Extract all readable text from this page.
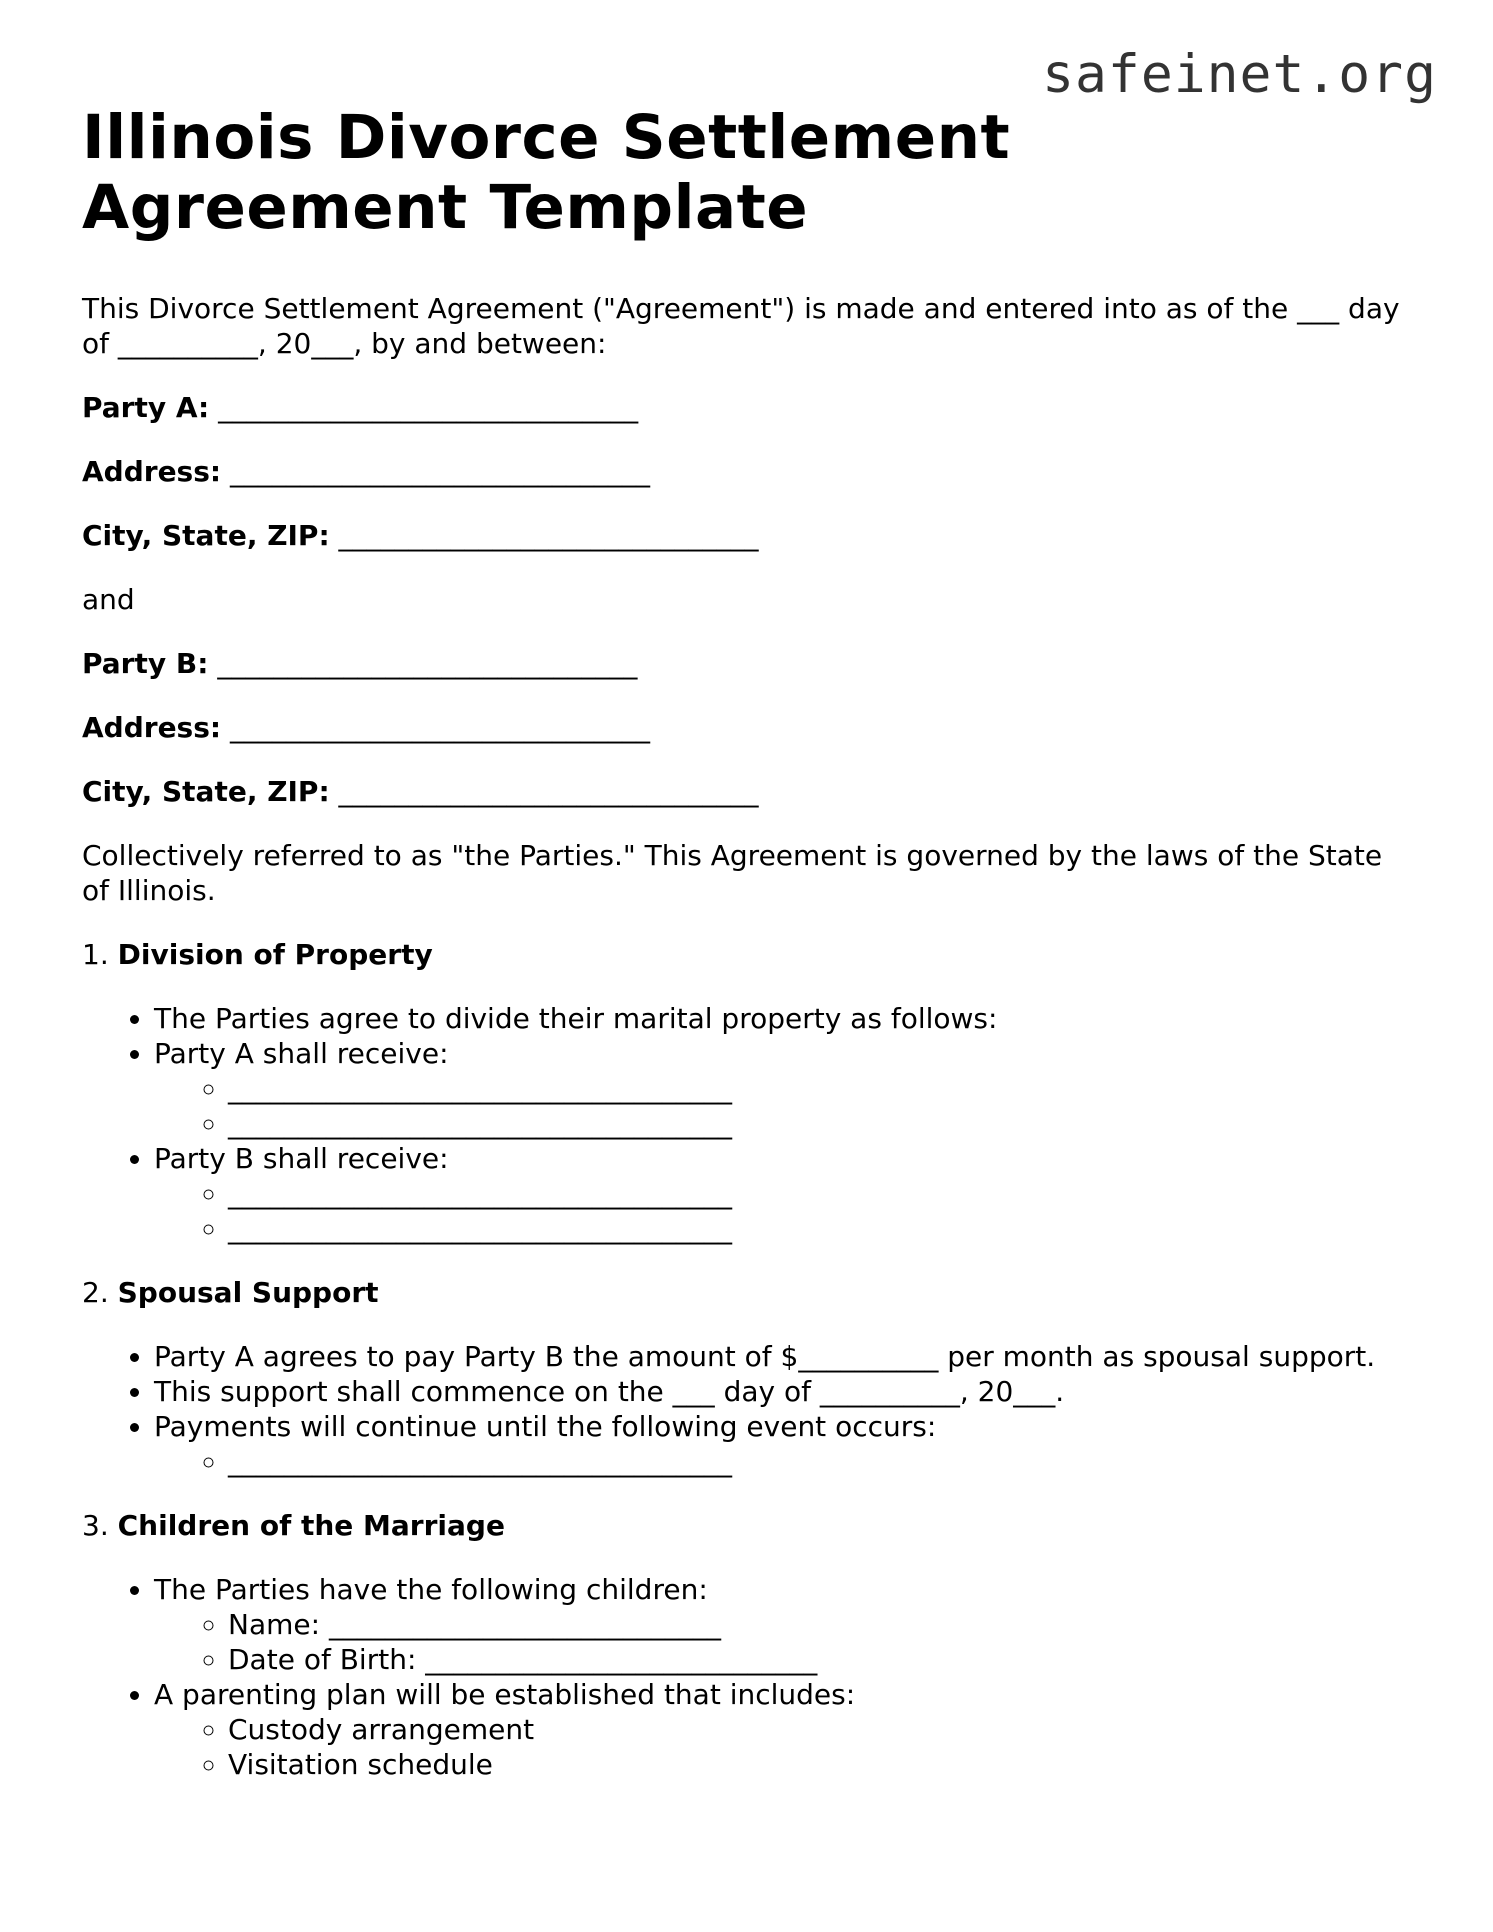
safeinet.org
Illinois Divorce Settlement Agreement Template

This Divorce Settlement Agreement ("Agreement") is made and entered into as of the ___ day of __________, 20___, by and between:

Party A: ______________________________

Address: ______________________________

City, State, ZIP: ______________________________

and

Party B: ______________________________

Address: ______________________________

City, State, ZIP: ______________________________

Collectively referred to as "the Parties." This Agreement is governed by the laws of the State of Illinois.

1. Division of Property
• The Parties agree to divide their marital property as follows:
• Party A shall receive:
◦ ____________________________________
◦ ____________________________________
• Party B shall receive:
◦ ____________________________________
◦ ____________________________________
2. Spousal Support
• Party A agrees to pay Party B the amount of $__________ per month as spousal support.
• This support shall commence on the ___ day of __________, 20___.
• Payments will continue until the following event occurs:
◦ ____________________________________
3. Children of the Marriage
• The Parties have the following children:
◦ Name: ____________________________
◦ Date of Birth: ____________________________
• A parenting plan will be established that includes:
◦ Custody arrangement
◦ Visitation schedule
